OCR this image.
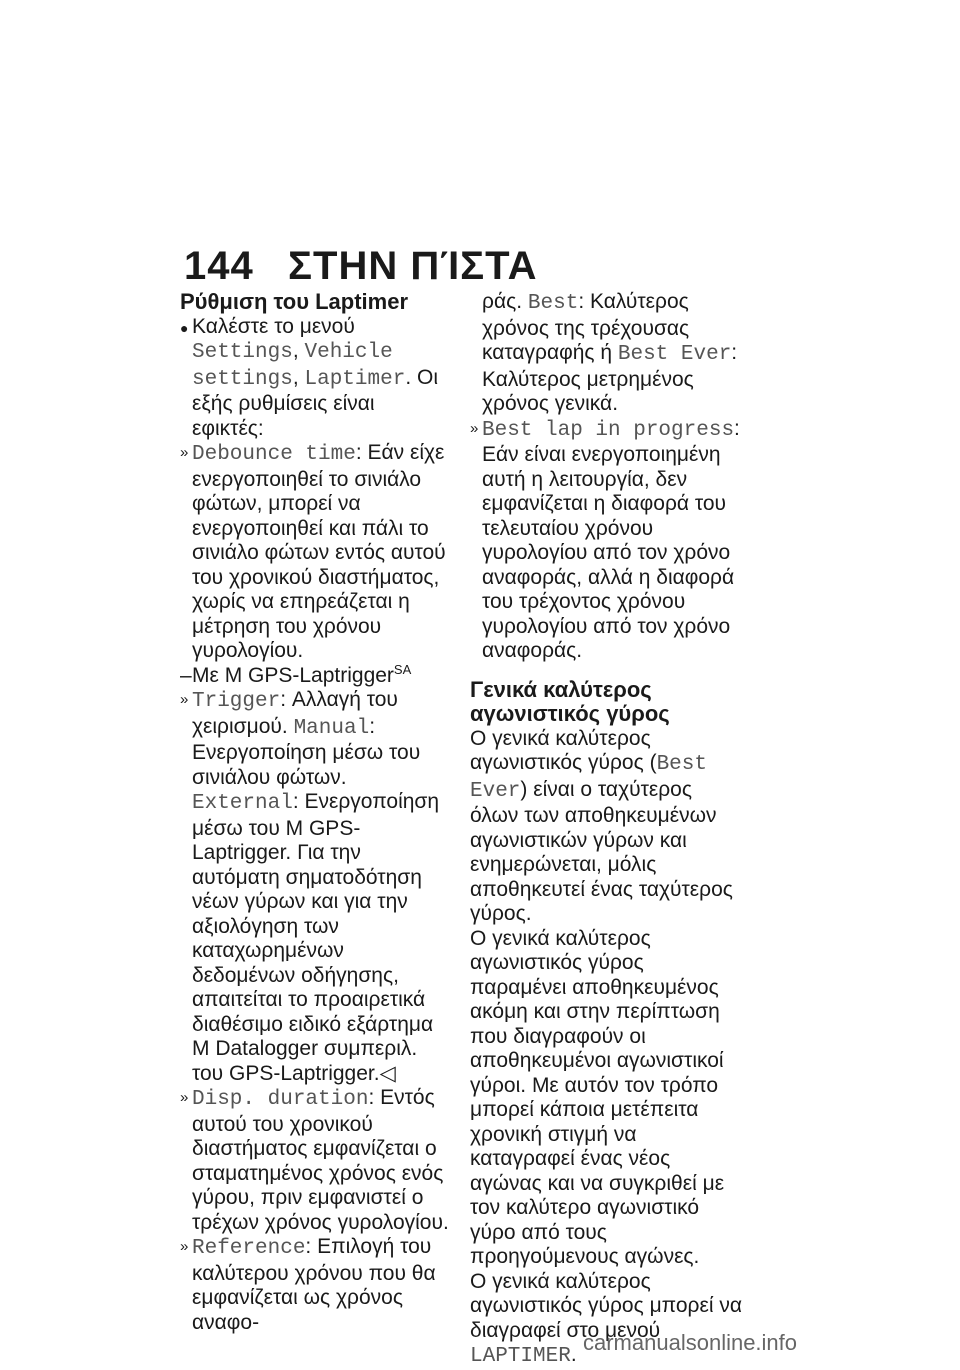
144 ΣΤΗΝ ΠΊΣΤΑ
Ρύθμιση του Laptimer
● Καλέστε το μενού Settings, Vehicle settings, Laptimer. Οι εξής ρυθμίσεις είναι εφικτές:
» Debounce time: Εάν είχε ενεργοποιηθεί το σινιάλο φώτων, μπορεί να ενεργοποιηθεί και πάλι το σινιάλο φώτων εντός αυτού του χρονικού διαστήματος, χωρίς να επηρεάζεται η μέτρηση του χρόνου γυρολογίου.
– Με M GPS-Laptrigger$^{SA}$
» Trigger: Αλλαγή του χειρισμού. Manual: Ενεργοποίηση μέσω του σινιάλου φώτων. External: Ενεργοποίηση μέσω του M GPS-Laptrigger. Για την αυτόματη σηματοδότηση νέων γύρων και για την αξιολόγηση των καταχωρημένων δεδομένων οδήγησης, απαιτείται το προαιρετικά διαθέσιμο ειδικό εξάρτημα M Datalogger συμπεριλ. του GPS-Laptrigger.◁
» Disp. duration: Εντός αυτού του χρονικού διαστήματος εμφανίζεται ο σταματημένος χρόνος ενός γύρου, πριν εμφανιστεί ο τρέχων χρόνος γυρολογίου.
» Reference: Επιλογή του καλύτερου χρόνου που θα εμφανίζεται ως χρόνος αναφο-
ράς. Best: Καλύτερος χρόνος της τρέχουσας καταγραφής ή Best Ever: Καλύτερος μετρημένος χρόνος γενικά.
» Best lap in progress: Εάν είναι ενεργοποιημένη αυτή η λειτουργία, δεν εμφανίζεται η διαφορά του τελευταίου χρόνου γυρολογίου από τον χρόνο αναφοράς, αλλά η διαφορά του τρέχοντος χρόνου γυρολογίου από τον χρόνο αναφοράς.
Γενικά καλύτερος αγωνιστικός γύρος

Ο γενικά καλύτερος αγωνιστικός γύρος (Best Ever) είναι ο ταχύτερος όλων των αποθηκευμένων αγωνιστικών γύρων και ενημερώνεται, μόλις αποθηκευτεί ένας ταχύτερος γύρος.

Ο γενικά καλύτερος αγωνιστικός γύρος παραμένει αποθηκευμένος ακόμη και στην περίπτωση που διαγραφούν οι αποθηκευμένοι αγωνιστικοί γύροι. Με αυτόν τον τρόπο μπορεί κάποια μετέπειτα χρονική στιγμή να καταγραφεί ένας νέος αγώνας και να συγκριθεί με τον καλύτερο αγωνιστικό γύρο από τους προηγούμενους αγώνες.

Ο γενικά καλύτερος αγωνιστικός γύρος μπορεί να διαγραφεί στο μενού LAPTIMER. carmanualsonline.info
